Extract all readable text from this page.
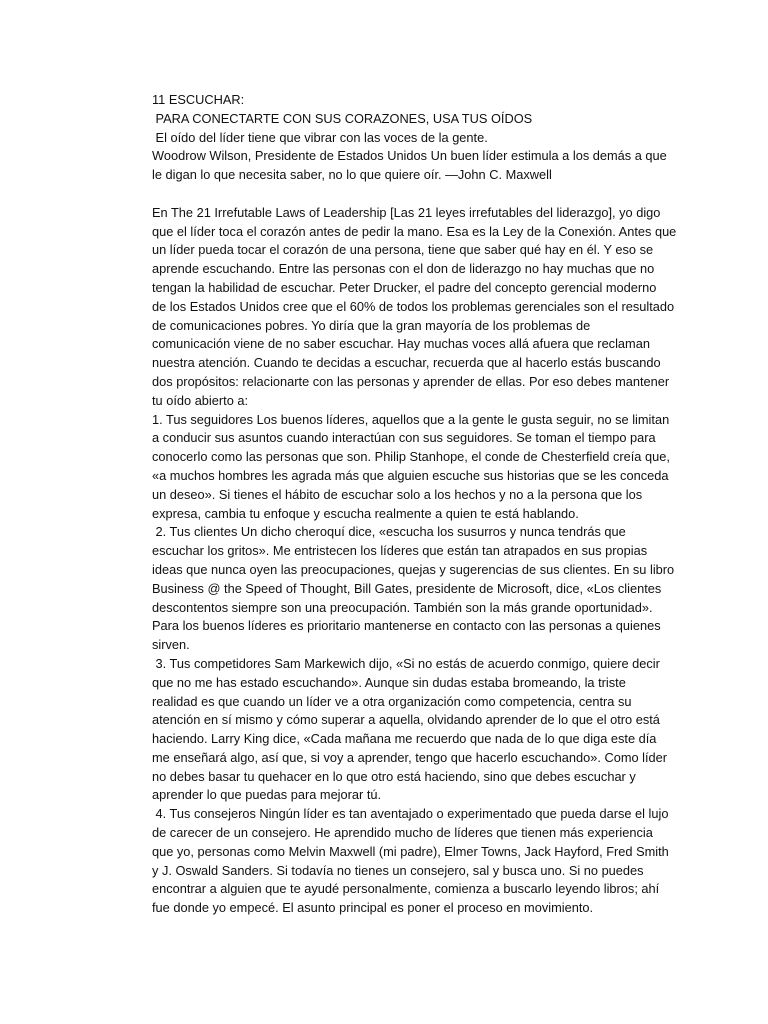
11 ESCUCHAR:
PARA CONECTARTE CON SUS CORAZONES, USA TUS OÍDOS
El oído del líder tiene que vibrar con las voces de la gente.
Woodrow Wilson, Presidente de Estados Unidos Un buen líder estimula a los demás a que
le digan lo que necesita saber, no lo que quiere oír. —John C. Maxwell
En The 21 Irrefutable Laws of Leadership [Las 21 leyes irrefutables del liderazgo], yo digo
que el líder toca el corazón antes de pedir la mano. Esa es la Ley de la Conexión. Antes que
un líder pueda tocar el corazón de una persona, tiene que saber qué hay en él. Y eso se
aprende escuchando. Entre las personas con el don de liderazgo no hay muchas que no
tengan la habilidad de escuchar. Peter Drucker, el padre del concepto gerencial moderno
de los Estados Unidos cree que el 60% de todos los problemas gerenciales son el resultado
de comunicaciones pobres. Yo diría que la gran mayoría de los problemas de
comunicación viene de no saber escuchar. Hay muchas voces allá afuera que reclaman
nuestra atención. Cuando te decidas a escuchar, recuerda que al hacerlo estás buscando
dos propósitos: relacionarte con las personas y aprender de ellas. Por eso debes mantener
tu oído abierto a:
1. Tus seguidores Los buenos líderes, aquellos que a la gente le gusta seguir, no se limitan
a conducir sus asuntos cuando interactúan con sus seguidores. Se toman el tiempo para
conocerlo como las personas que son. Philip Stanhope, el conde de Chesterfield creía que,
«a muchos hombres les agrada más que alguien escuche sus historias que se les conceda
un deseo». Si tienes el hábito de escuchar solo a los hechos y no a la persona que los
expresa, cambia tu enfoque y escucha realmente a quien te está hablando.
2. Tus clientes Un dicho cheroquí dice, «escucha los susurros y nunca tendrás que
escuchar los gritos». Me entristecen los líderes que están tan atrapados en sus propias
ideas que nunca oyen las preocupaciones, quejas y sugerencias de sus clientes. En su libro
Business @ the Speed of Thought, Bill Gates, presidente de Microsoft, dice, «Los clientes
descontentos siempre son una preocupación. También son la más grande oportunidad».
Para los buenos líderes es prioritario mantenerse en contacto con las personas a quienes
sirven.
3. Tus competidores Sam Markewich dijo, «Si no estás de acuerdo conmigo, quiere decir
que no me has estado escuchando». Aunque sin dudas estaba bromeando, la triste
realidad es que cuando un líder ve a otra organización como competencia, centra su
atención en sí mismo y cómo superar a aquella, olvidando aprender de lo que el otro está
haciendo. Larry King dice, «Cada mañana me recuerdo que nada de lo que diga este día
me enseñará algo, así que, si voy a aprender, tengo que hacerlo escuchando». Como líder
no debes basar tu quehacer en lo que otro está haciendo, sino que debes escuchar y
aprender lo que puedas para mejorar tú.
4. Tus consejeros Ningún líder es tan aventajado o experimentado que pueda darse el lujo
de carecer de un consejero. He aprendido mucho de líderes que tienen más experiencia
que yo, personas como Melvin Maxwell (mi padre), Elmer Towns, Jack Hayford, Fred Smith
y J. Oswald Sanders. Si todavía no tienes un consejero, sal y busca uno. Si no puedes
encontrar a alguien que te ayudé personalmente, comienza a buscarlo leyendo libros; ahí
fue donde yo empecé. El asunto principal es poner el proceso en movimiento.
